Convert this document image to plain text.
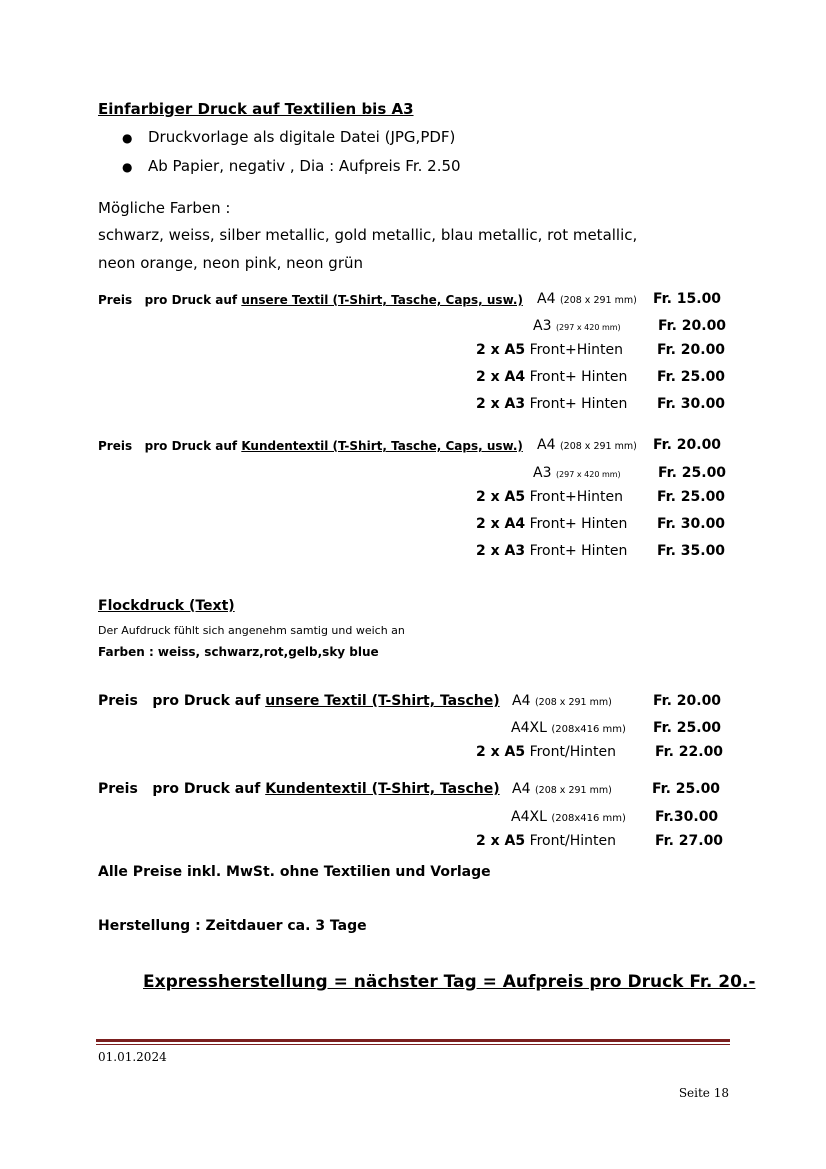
Einfarbiger Druck auf Textilien bis A3
● Druckvorlage als digitale Datei (JPG,PDF)
● Ab Papier, negativ , Dia : Aufpreis Fr. 2.50
Mögliche Farben :
schwarz, weiss, silber metallic, gold metallic, blau metallic, rot metallic,
neon orange, neon pink, neon grün
Preis   pro Druck auf unsere Textil (T-Shirt, Tasche, Caps, usw.) A4 (208 x 291 mm) Fr. 15.00
A3 (297 x 420 mm)	Fr. 20.00
2 x A5 Front+Hinten Fr. 20.00
2 x A4 Front+ Hinten Fr. 25.00
2 x A3 Front+ Hinten Fr. 30.00
Preis   pro Druck auf Kundentextil (T-Shirt, Tasche, Caps, usw.) A4 (208 x 291 mm) Fr. 20.00
A3 (297 x 420 mm)	Fr. 25.00
2 x A5 Front+Hinten Fr. 25.00
2 x A4 Front+ Hinten Fr. 30.00
2 x A3 Front+ Hinten Fr. 35.00
Flockdruck (Text)
Der Aufdruck fühlt sich angenehm samtig und weich an
Farben : weiss, schwarz,rot,gelb,sky blue
Preis   pro Druck auf unsere Textil (T-Shirt, Tasche) A4 (208 x 291 mm)	Fr. 20.00
A4XL (208x416 mm) Fr. 25.00
2 x A5 Front/Hinten	Fr. 22.00
Preis   pro Druck auf Kundentextil (T-Shirt, Tasche) A4 (208 x 291 mm)	Fr. 25.00
A4XL (208x416 mm) Fr.30.00
2 x A5 Front/Hinten	Fr. 27.00
Alle Preise inkl. MwSt. ohne Textilien und Vorlage
Herstellung : Zeitdauer ca. 3 Tage
Expressherstellung = nächster Tag = Aufpreis pro Druck Fr. 20.-
01.01.2024
Seite 18
